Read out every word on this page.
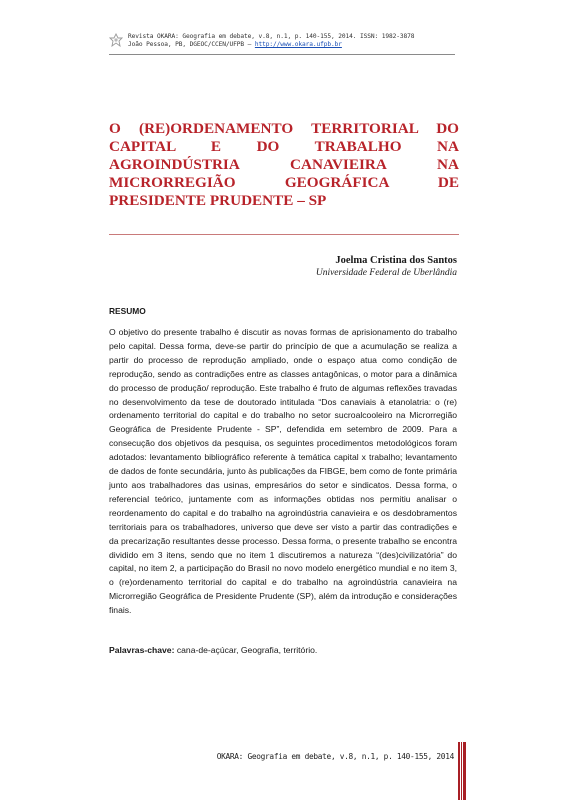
Revista OKARA: Geografia em debate, v.8, n.1, p. 140-155, 2014. ISSN: 1982-3878
João Pessoa, PB, DGEOC/CCEN/UFPB – http://www.okara.ufpb.br
O (RE)ORDENAMENTO TERRITORIAL DO
CAPITAL E DO TRABALHO NA
AGROINDÚSTRIA CANAVIEIRA NA
MICRORREGIÃO GEOGRÁFICA DE
PRESIDENTE PRUDENTE – SP
Joelma Cristina dos Santos
Universidade Federal de Uberlândia
RESUMO

O objetivo do presente trabalho é discutir as novas formas de aprisionamento do trabalho pelo capital. Dessa forma, deve-se partir do princípio de que a acumulação se realiza a partir do processo de reprodução ampliado, onde o espaço atua como condição de reprodução, sendo as contradições entre as classes antagônicas, o motor para a dinâmica do processo de produção/ reprodução. Este trabalho é fruto de algumas reflexões travadas no desenvolvimento da tese de doutorado intitulada “Dos canaviais à etanolatria: o (re) ordenamento territorial do capital e do trabalho no setor sucroalcooleiro na Microrregião Geográfica de Presidente Prudente - SP”, defendida em setembro de 2009. Para a consecução dos objetivos da pesquisa, os seguintes procedimentos metodológicos foram adotados: levantamento bibliográfico referente à temática capital x trabalho; levantamento de dados de fonte secundária, junto às publicações da FIBGE, bem como de fonte primária junto aos trabalhadores das usinas, empresários do setor e sindicatos. Dessa forma, o referencial teórico, juntamente com as informações obtidas nos permitiu analisar o reordenamento do capital e do trabalho na agroindústria canavieira e os desdobramentos territoriais para os trabalhadores, universo que deve ser visto a partir das contradições e da precarização resultantes desse processo. Dessa forma, o presente trabalho se encontra dividido em 3 itens, sendo que no item 1 discutiremos a natureza “(des)civilizatória” do capital, no item 2, a participação do Brasil no novo modelo energético mundial e no item 3, o (re)ordenamento territorial do capital e do trabalho na agroindústria canavieira na Microrregião Geográfica de Presidente Prudente (SP), além da introdução e considerações finais.

Palavras-chave: cana-de-açúcar, Geografia, território.
OKARA: Geografia em debate, v.8, n.1, p. 140-155, 2014
